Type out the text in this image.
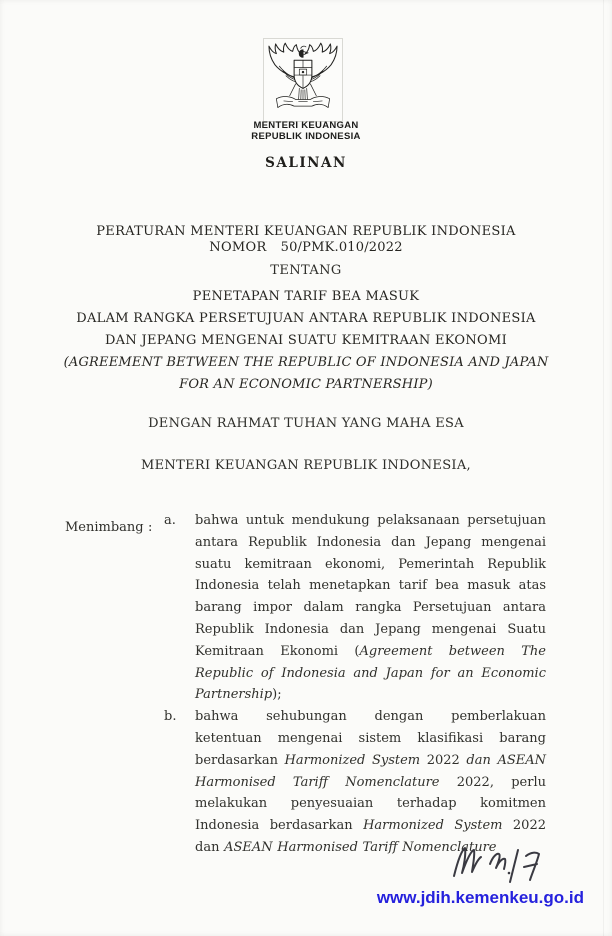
MENTERI KEUANGAN
REPUBLIK INDONESIA
SALINAN
PERATURAN MENTERI KEUANGAN REPUBLIK INDONESIA
NOMOR 50/PMK.010/2022
TENTANG
PENETAPAN TARIF BEA MASUK
DALAM RANGKA PERSETUJUAN ANTARA REPUBLIK INDONESIA
DAN JEPANG MENGENAI SUATU KEMITRAAN EKONOMI
(AGREEMENT BETWEEN THE REPUBLIC OF INDONESIA AND JAPAN
FOR AN ECONOMIC PARTNERSHIP)
DENGAN RAHMAT TUHAN YANG MAHA ESA
MENTERI KEUANGAN REPUBLIK INDONESIA,
Menimbang : a.	bahwa untuk mendukung pelaksanaan persetujuan antara Republik Indonesia dan Jepang mengenai suatu kemitraan ekonomi, Pemerintah Republik Indonesia telah menetapkan tarif bea masuk atas barang impor dalam rangka Persetujuan antara Republik Indonesia dan Jepang mengenai Suatu Kemitraan Ekonomi (Agreement between The Republic of Indonesia and Japan for an Economic Partnership);
b.	bahwa sehubungan dengan pemberlakuan ketentuan mengenai sistem klasifikasi barang berdasarkan Harmonized System 2022 dan ASEAN Harmonised Tariff Nomenclature 2022, perlu melakukan penyesuaian terhadap komitmen Indonesia berdasarkan Harmonized System 2022 dan ASEAN Harmonised Tariff Nomenclature
www.jdih.kemenkeu.go.id
